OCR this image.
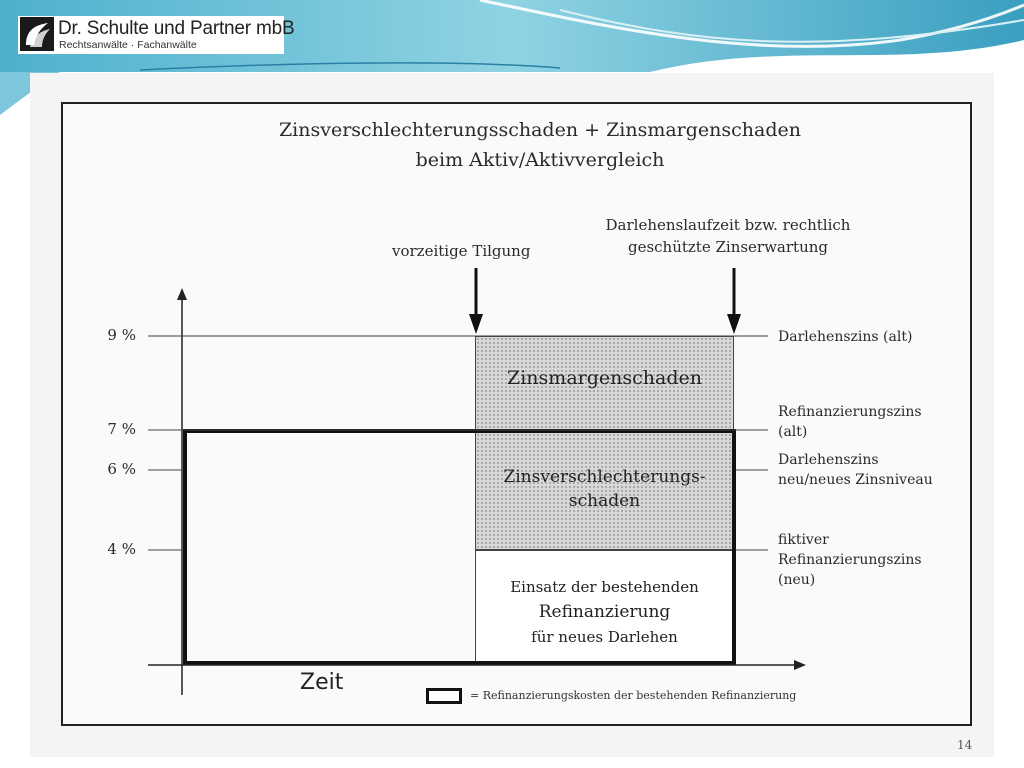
Dr. Schulte und Partner mbB
Rechtsanwälte · Fachanwälte
Zinsverschlechterungsschaden + Zinsmargenschaden
beim Aktiv/Aktivvergleich
vorzeitige Tilgung
Darlehenslaufzeit bzw. rechtlich
geschützte Zinserwartung
Zinsmargenschaden
Zinsverschlechterungs-
schaden
Einsatz der bestehenden
Refinanzierung
für neues Darlehen
9 %
7 %
6 %
4 %
Darlehenszins (alt)
Refinanzierungszins
(alt)
Darlehenszins
neu/neues Zinsniveau
fiktiver
Refinanzierungszins
(neu)
Zeit
= Refinanzierungskosten der bestehenden Refinanzierung
14
